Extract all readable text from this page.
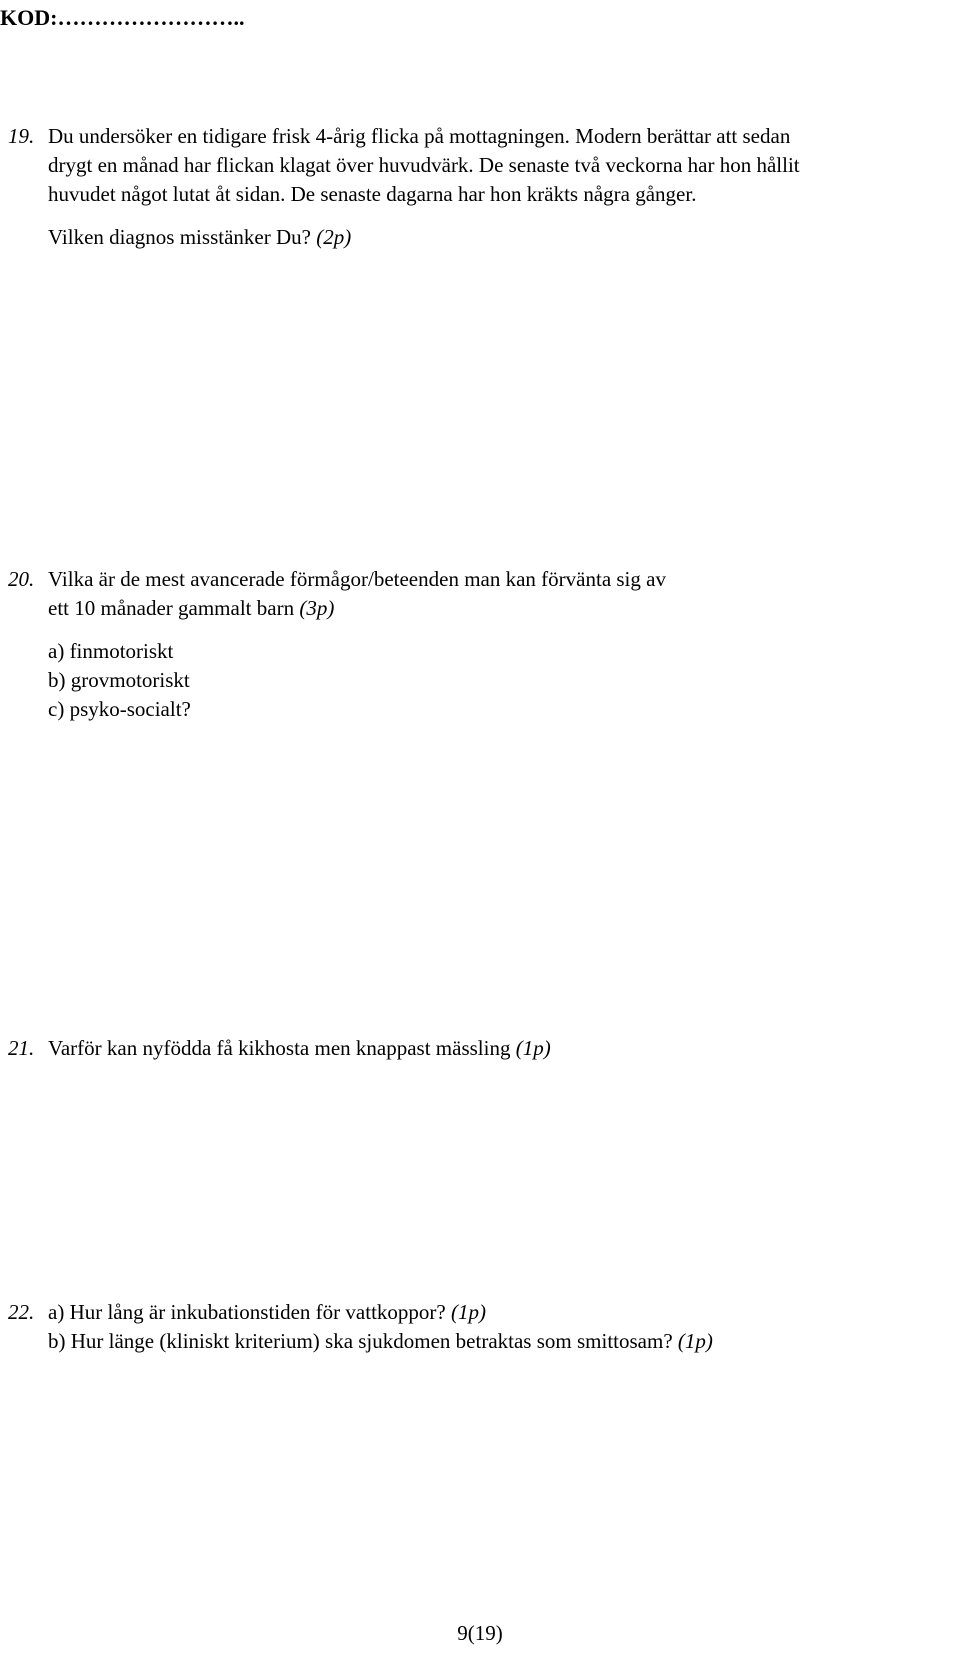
KOD:……………………..
19. Du undersöker en tidigare frisk 4-årig flicka på mottagningen. Modern berättar att sedan
drygt en månad har flickan klagat över huvudvärk. De senaste två veckorna har hon hållit
huvudet något lutat åt sidan. De senaste dagarna har hon kräkts några gånger.
Vilken diagnos misstänker Du? (2p)
20. Vilka är de mest avancerade förmågor/beteenden man kan förvänta sig av
ett 10 månader gammalt barn (3p)
a) finmotoriskt
b) grovmotoriskt
c) psyko-socialt?
21. Varför kan nyfödda få kikhosta men knappast mässling (1p)
22. a) Hur lång är inkubationstiden för vattkoppor? (1p)
b) Hur länge (kliniskt kriterium) ska sjukdomen betraktas som smittosam? (1p)
9(19)
